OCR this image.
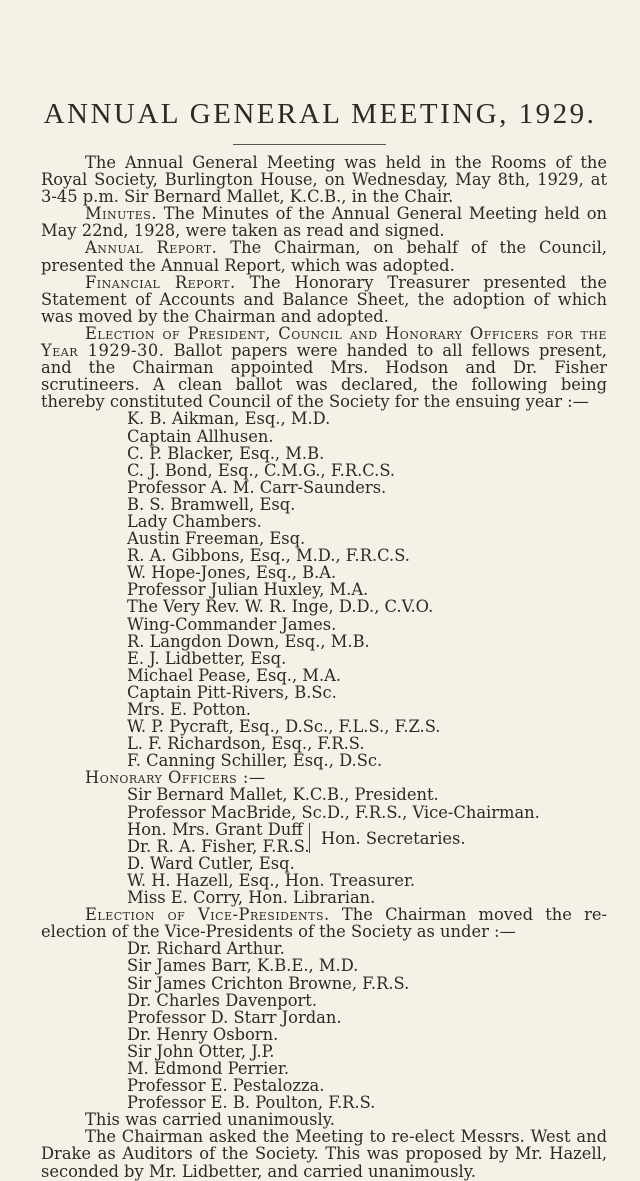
ANNUAL GENERAL MEETING, 1929.

The Annual General Meeting was held in the Rooms of the Royal Society, Burlington House, on Wednesday, May 8th, 1929, at 3-45 p.m. Sir Bernard Mallet, K.C.B., in the Chair.

Minutes. The Minutes of the Annual General Meeting held on May 22nd, 1928, were taken as read and signed.

Annual Report. The Chairman, on behalf of the Council, presented the Annual Report, which was adopted.

Financial Report. The Honorary Treasurer presented the Statement of Accounts and Balance Sheet, the adoption of which was moved by the Chairman and adopted.

Election of President, Council and Honorary Officers for the Year 1929-30. Ballot papers were handed to all fellows present, and the Chairman appointed Mrs. Hodson and Dr. Fisher scrutineers. A clean ballot was declared, the following being thereby constituted Council of the Society for the ensuing year :—

K. B. Aikman, Esq., M.D.
Captain Allhusen.
C. P. Blacker, Esq., M.B.
C. J. Bond, Esq., C.M.G., F.R.C.S.
Professor A. M. Carr-Saunders.
B. S. Bramwell, Esq.
Lady Chambers.
Austin Freeman, Esq.
R. A. Gibbons, Esq., M.D., F.R.C.S.
W. Hope-Jones, Esq., B.A.
Professor Julian Huxley, M.A.
The Very Rev. W. R. Inge, D.D., C.V.O.
Wing-Commander James.
R. Langdon Down, Esq., M.B.
E. J. Lidbetter, Esq.
Michael Pease, Esq., M.A.
Captain Pitt-Rivers, B.Sc.
Mrs. E. Potton.
W. P. Pycraft, Esq., D.Sc., F.L.S., F.Z.S.
L. F. Richardson, Esq., F.R.S.
F. Canning Schiller, Esq., D.Sc.

Honorary Officers :—

Sir Bernard Mallet, K.C.B., President.
Professor MacBride, Sc.D., F.R.S., Vice-Chairman.
Hon. Mrs. Grant Duff
Dr. R. A. Fisher, F.R.S.
D. Ward Cutler, Esq.
Hon. Secretaries.
W. H. Hazell, Esq., Hon. Treasurer.
Miss E. Corry, Hon. Librarian.

Election of Vice-Presidents. The Chairman moved the re-election of the Vice-Presidents of the Society as under :—

Dr. Richard Arthur.
Sir James Barr, K.B.E., M.D.
Sir James Crichton Browne, F.R.S.
Dr. Charles Davenport.
Professor D. Starr Jordan.
Dr. Henry Osborn.
Sir John Otter, J.P.
M. Edmond Perrier.
Professor E. Pestalozza.
Professor E. B. Poulton, F.R.S.

This was carried unanimously.

The Chairman asked the Meeting to re-elect Messrs. West and Drake as Auditors of the Society. This was proposed by Mr. Hazell, seconded by Mr. Lidbetter, and carried unanimously.
